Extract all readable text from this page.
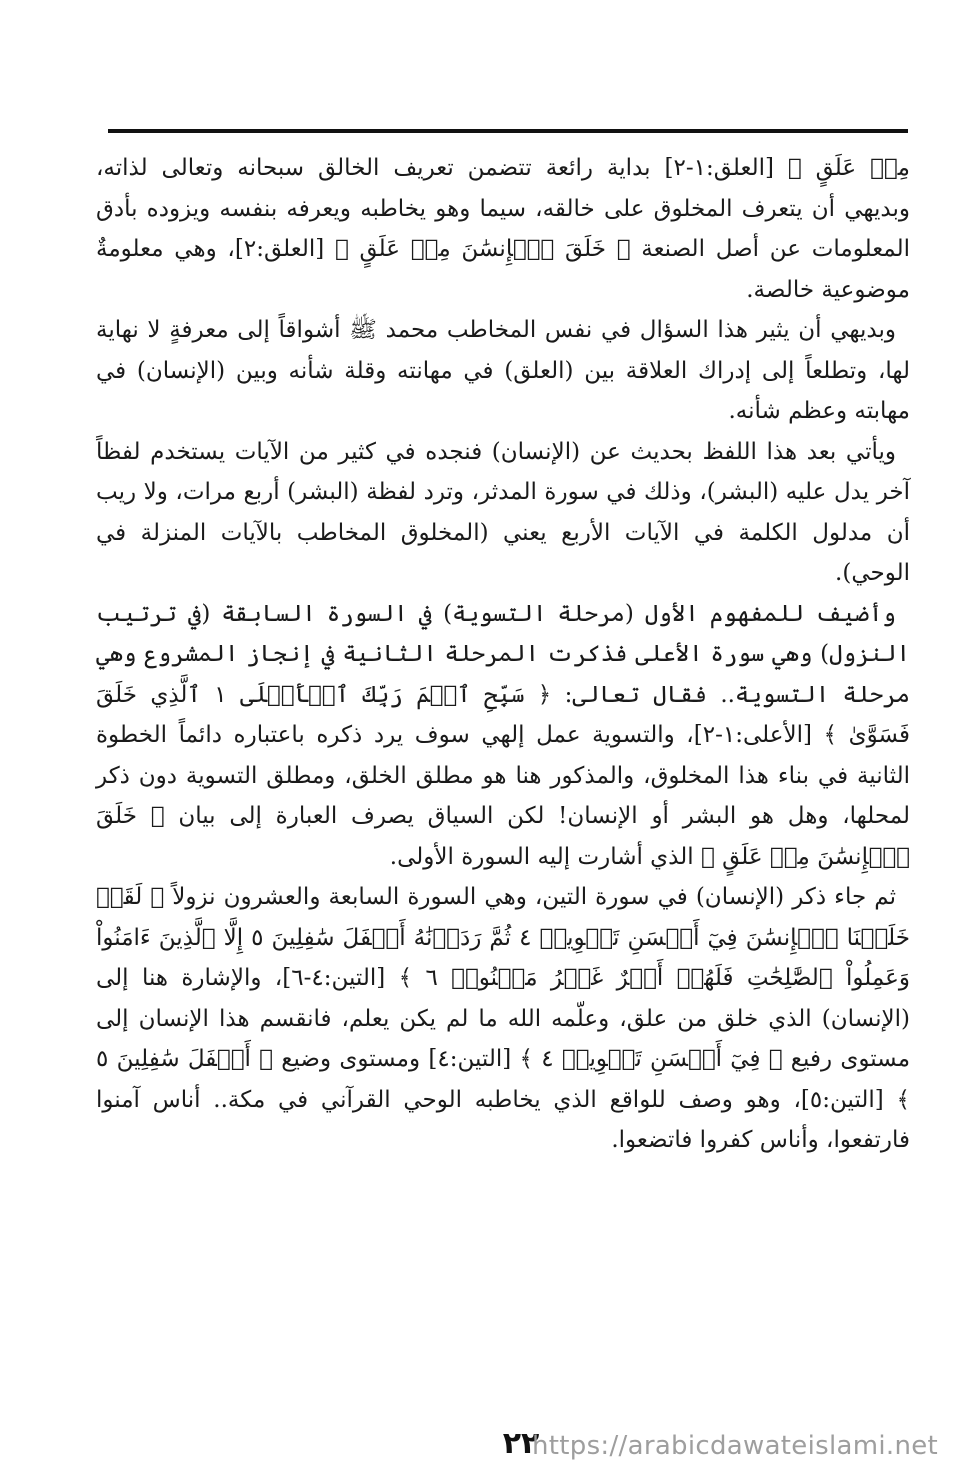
مِنۡ عَلَقٍ ﴾ [العلق:١-٢] بداية رائعة تتضمن تعريف الخالق سبحانه وتعالى لذاته، وبديهي أن يتعرف المخلوق على خالقه، سيما وهو يخاطبه ويعرفه بنفسه ويزوده بأدق المعلومات عن أصل الصنعة ﴿ خَلَقَ ٱلۡإِنسَٰنَ مِنۡ عَلَقٍ ﴾ [العلق:٢]، وهي معلومةٌ موضوعية خالصة.

وبديهي أن يثير هذا السؤال في نفس المخاطب محمد ﷺ أشواقاً إلى معرفةٍ لا نهاية لها، وتطلعاً إلى إدراك العلاقة بين (العلق) في مهانته وقلة شأنه وبين (الإنسان) في مهابته وعظم شأنه.

ويأتي بعد هذا اللفظ بحديث عن (الإنسان) فنجده في كثير من الآيات يستخدم لفظاً آخر يدل عليه (البشر)، وذلك في سورة المدثر، وترد لفظة (البشر) أربع مرات، ولا ريب أن مدلول الكلمة في الآيات الأربع يعني (المخلوق المخاطب بالآيات المنزلة في الوحي).

وأضيف للمفهوم الأول (مرحلة التسوية) في السورة السابقة (في ترتيب النزول) وهي سورة الأعلى فذكرت المرحلة الثانية في إنجاز المشروع وهي مرحلة التسوية.. فقال تعالى: ﴿ سَبِّحِ ٱسۡمَ رَبِّكَ ٱلۡأَعۡلَى ١ ٱلَّذِي خَلَقَ فَسَوَّىٰ ﴾ [الأعلى:١-٢]، والتسوية عمل إلهي سوف يرد ذكره باعتباره دائماً الخطوة الثانية في بناء هذا المخلوق، والمذكور هنا هو مطلق الخلق، ومطلق التسوية دون ذكر لمحلها، وهل هو البشر أو الإنسان! لكن السياق يصرف العبارة إلى بيان ﴿ خَلَقَ ٱلۡإِنسَٰنَ مِنۡ عَلَقٍ ﴾ الذي أشارت إليه السورة الأولى.

ثم جاء ذكر (الإنسان) في سورة التين، وهي السورة السابعة والعشرون نزولاً ﴿ لَقَدۡ خَلَقۡنَا ٱلۡإِنسَٰنَ فِيٓ أَحۡسَنِ تَقۡوِيمٖ ٤ ثُمَّ رَدَدۡنَٰهُ أَسۡفَلَ سَٰفِلِينَ ٥ إِلَّا ٱلَّذِينَ ءَامَنُواْ وَعَمِلُواْ ٱلصَّٰلِحَٰتِ فَلَهُمۡ أَجۡرٌ غَيۡرُ مَمۡنُونٖ ٦ ﴾ [التين:٤-٦]، والإشارة هنا إلى (الإنسان) الذي خلق من علق، وعلّمه الله ما لم يكن يعلم، فانقسم هذا الإنسان إلى مستوى رفيع ﴿ فِيٓ أَحۡسَنِ تَقۡوِيمٖ ٤ ﴾ [التين:٤] ومستوى وضيع ﴿ أَسۡفَلَ سَٰفِلِينَ ٥ ﴾ [التين:٥]، وهو وصف للواقع الذي يخاطبه الوحي القرآني في مكة.. أناس آمنوا فارتفعوا، وأناس كفروا فاتضعوا.

٢٢
https://arabicdawateislami.net
